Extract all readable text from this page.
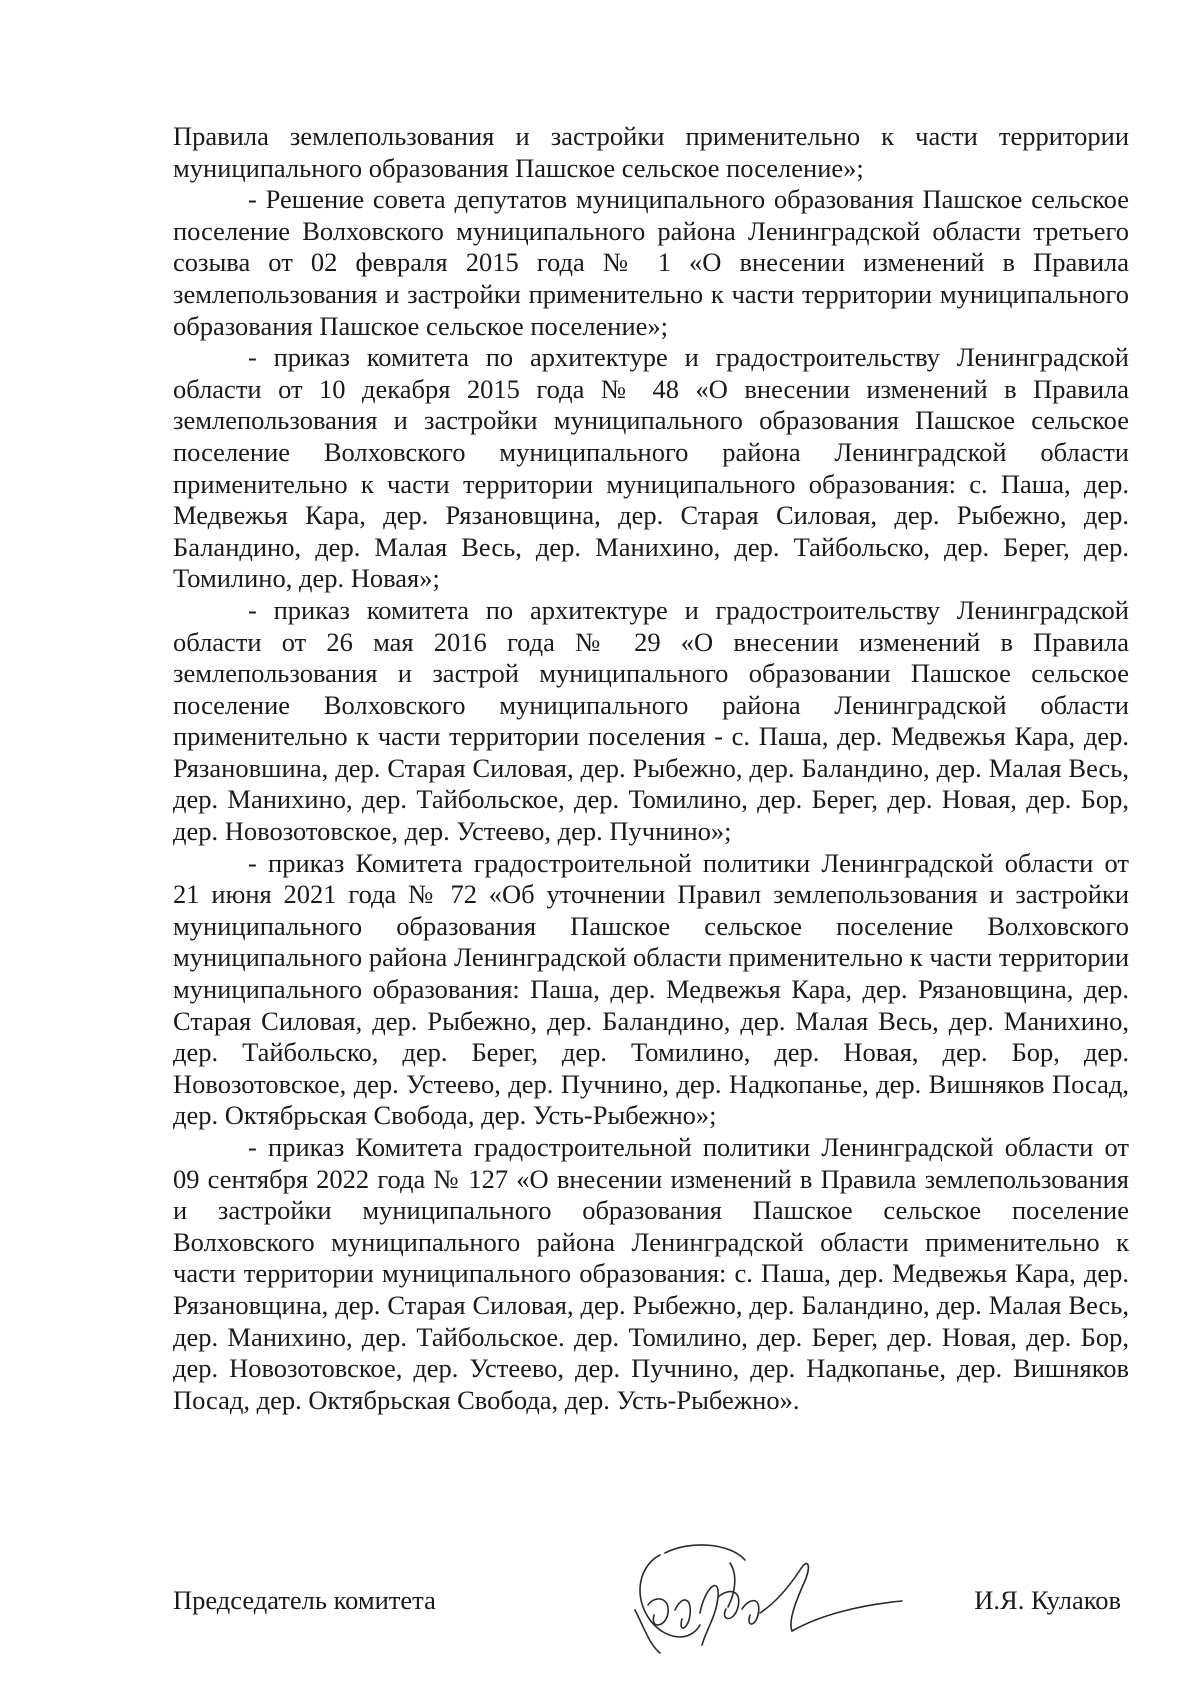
Правила землепользования и застройки применительно к части территории муниципального образования Пашское сельское поселение»;

- Решение совета депутатов муниципального образования Пашское сельское поселение Волховского муниципального района Ленинградской области третьего созыва от 02 февраля 2015 года № 1 «О внесении изменений в Правила землепользования и застройки применительно к части территории муниципального образования Пашское сельское поселение»;

- приказ комитета по архитектуре и градостроительству Ленинградской области от 10 декабря 2015 года № 48 «О внесении изменений в Правила землепользования и застройки муниципального образования Пашское сельское поселение Волховского муниципального района Ленинградской области применительно к части территории муниципального образования: с. Паша, дер. Медвежья Кара, дер. Рязановщина, дер. Старая Силовая, дер. Рыбежно, дер. Баландино, дер. Малая Весь, дер. Манихино, дер. Тайбольско, дер. Берег, дер. Томилино, дер. Новая»;

- приказ комитета по архитектуре и градостроительству Ленинградской области от 26 мая 2016 года № 29 «О внесении изменений в Правила землепользования и застрой муниципального образовании Пашское сельское поселение Волховского муниципального района Ленинградской области применительно к части территории поселения - с. Паша, дер. Медвежья Кара, дер. Рязановшина, дер. Старая Силовая, дер. Рыбежно, дер. Баландино, дер. Малая Весь, дер. Манихино, дер. Тайбольское, дер. Томилино, дер. Берег, дер. Новая, дер. Бор, дер. Новозотовское, дер. Устеево, дер. Пучнино»;

- приказ Комитета градостроительной политики Ленинградской области от 21 июня 2021 года № 72 «Об уточнении Правил землепользования и застройки муниципального образования Пашское сельское поселение Волховского муниципального района Ленинградской области применительно к части территории муниципального образования: Паша, дер. Медвежья Кара, дер. Рязановщина, дер. Старая Силовая, дер. Рыбежно, дер. Баландино, дер. Малая Весь, дер. Манихино, дер. Тайбольско, дер. Берег, дер. Томилино, дер. Новая, дер. Бор, дер. Новозотовское, дер. Устеево, дер. Пучнино, дер. Надкопанье, дер. Вишняков Посад, дер. Октябрьская Свобода, дер. Усть-Рыбежно»;

- приказ Комитета градостроительной политики Ленинградской области от 09 сентября 2022 года № 127 «О внесении изменений в Правила землепользования и застройки муниципального образования Пашское сельское поселение Волховского муниципального района Ленинградской области применительно к части территории муниципального образования: с. Паша, дер. Медвежья Кара, дер. Рязановщина, дер. Старая Силовая, дер. Рыбежно, дер. Баландино, дер. Малая Весь, дер. Манихино, дер. Тайбольское. дер. Томилино, дер. Берег, дер. Новая, дер. Бор, дер. Новозотовское, дер. Устеево, дер. Пучнино, дер. Надкопанье, дер. Вишняков Посад, дер. Октябрьская Свобода, дер. Усть-Рыбежно».

Председатель комитета	И.Я. Кулаков
